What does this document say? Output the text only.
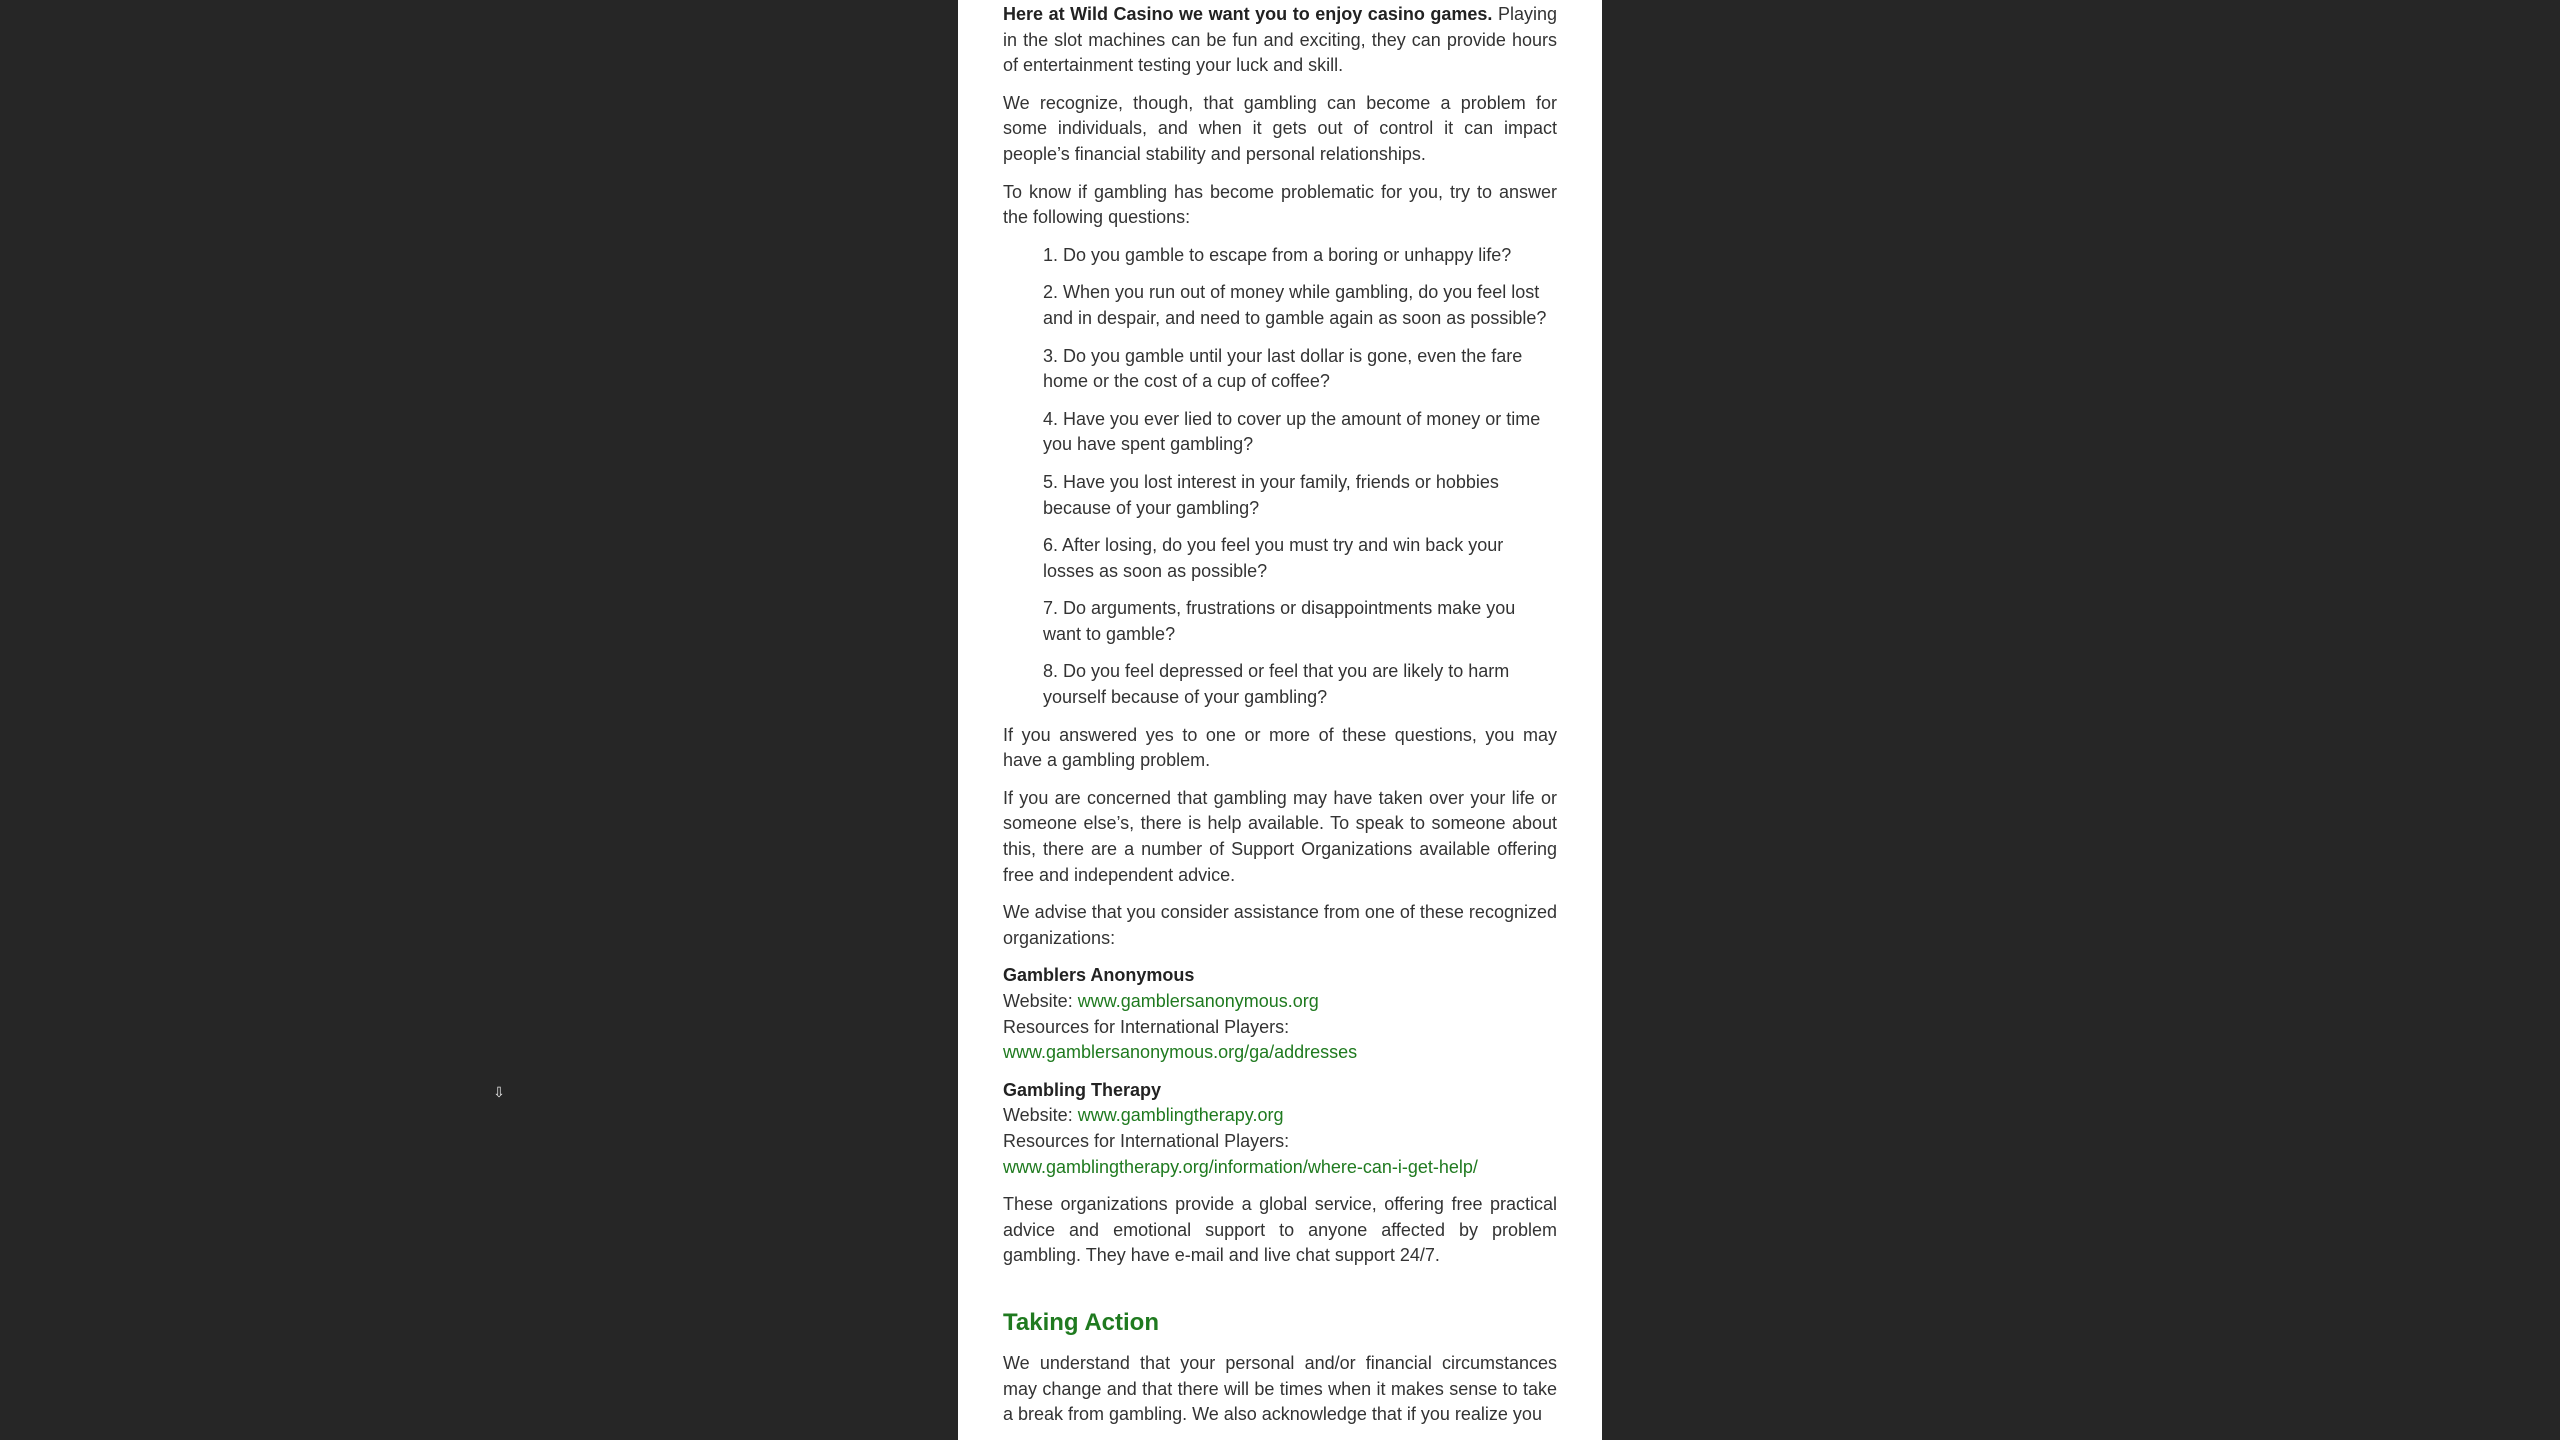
⇩

Here at Wild Casino we want you to enjoy casino games. Playing in the slot machines can be fun and exciting, they can provide hours of entertainment testing your luck and skill.

We recognize, though, that gambling can become a problem for some individuals, and when it gets out of control it can impact people’s financial stability and personal relationships.

To know if gambling has become problematic for you, try to answer the following questions:

1. Do you gamble to escape from a boring or unhappy life?
2. When you run out of money while gambling, do you feel lost and in despair, and need to gamble again as soon as possible?
3. Do you gamble until your last dollar is gone, even the fare home or the cost of a cup of coffee?
4. Have you ever lied to cover up the amount of money or time you have spent gambling?
5. Have you lost interest in your family, friends or hobbies because of your gambling?
6. After losing, do you feel you must try and win back your losses as soon as possible?
7. Do arguments, frustrations or disappointments make you want to gamble?
8. Do you feel depressed or feel that you are likely to harm yourself because of your gambling?

If you answered yes to one or more of these questions, you may have a gambling problem.

If you are concerned that gambling may have taken over your life or someone else’s, there is help available. To speak to someone about this, there are a number of Support Organizations available offering free and independent advice.

We advise that you consider assistance from one of these recognized organizations:

Gamblers Anonymous
Website: www.gamblersanonymous.org
Resources for International Players:
www.gamblersanonymous.org/ga/addresses
Gambling Therapy
Website: www.gamblingtherapy.org
Resources for International Players:
www.gamblingtherapy.org/information/where-can-i-get-help/

These organizations provide a global service, offering free practical advice and emotional support to anyone affected by problem gambling. They have e-mail and live chat support 24/7.

Taking Action

We understand that your personal and/or financial circumstances may change and that there will be times when it makes sense to take a break from gambling. We also acknowledge that if you realize you
